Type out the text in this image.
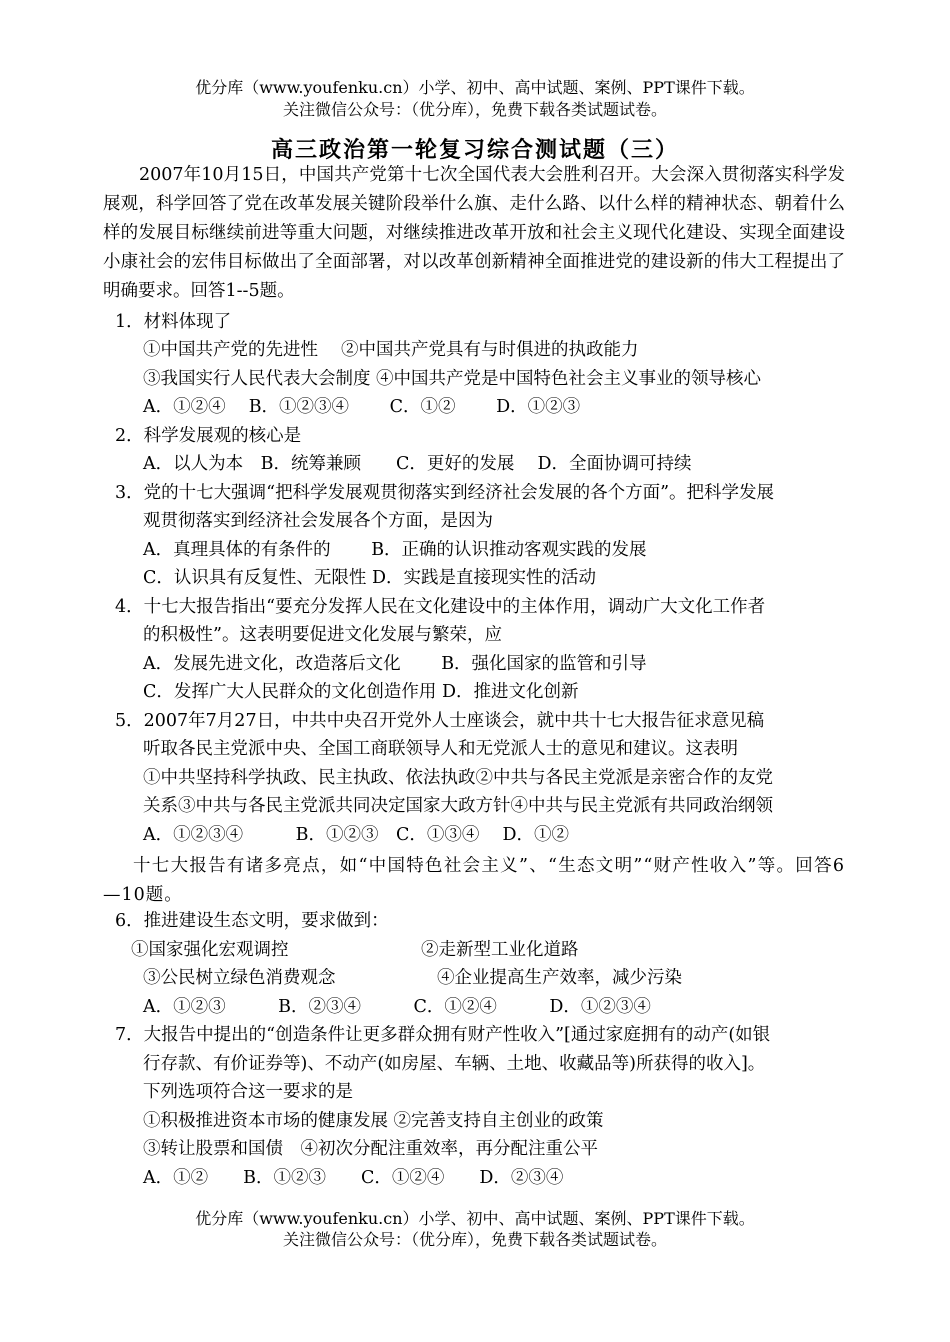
优分库（www.youfenku.cn）小学、初中、高中试题、案例、PPT课件下载。
关注微信公众号：（优分库），免费下载各类试题试卷。
高三政治第一轮复习综合测试题（三）
2007年10月15日，中国共产党第十七次全国代表大会胜利召开。大会深入贯彻落实科学发展观，科学回答了党在改革发展关键阶段举什么旗、走什么路、以什么样的精神状态、朝着什么样的发展目标继续前进等重大问题，对继续推进改革开放和社会主义现代化建设、实现全面建设小康社会的宏伟目标做出了全面部署，对以改革创新精神全面推进党的建设新的伟大工程提出了明确要求。回答1--5题。
1．材料体现了
①中国共产党的先进性　 ②中国共产党具有与时俱进的执政能力
③我国实行人民代表大会制度 ④中国共产党是中国特色社会主义事业的领导核心
A．①②④　 B．①②③④　　 C．①②　　 D．①②③
2．科学发展观的核心是
A．以人为本　B．统筹兼顾　　C．更好的发展　 D．全面协调可持续
3．党的十七大强调“把科学发展观贯彻落实到经济社会发展的各个方面”。把科学发展
观贯彻落实到经济社会发展各个方面，是因为
A．真理具体的有条件的　　 B．正确的认识推动客观实践的发展
C．认识具有反复性、无限性 D．实践是直接现实性的活动
4．十七大报告指出“要充分发挥人民在文化建设中的主体作用，调动广大文化工作者
的积极性”。这表明要促进文化发展与繁荣，应
A．发展先进文化，改造落后文化　　 B．强化国家的监管和引导
C．发挥广大人民群众的文化创造作用 D．推进文化创新
5．2007年7月27日，中共中央召开党外人士座谈会，就中共十七大报告征求意见稿
听取各民主党派中央、全国工商联领导人和无党派人士的意见和建议。这表明
①中共坚持科学执政、民主执政、依法执政②中共与各民主党派是亲密合作的友党
关系③中共与各民主党派共同决定国家大政方针④中共与民主党派有共同政治纲领
A．①②③④　　　B．①②③　C．①③④　 D．①②
十七大报告有诸多亮点，如“中国特色社会主义”、“生态文明”“财产性收入”等。回答6—10题。
6．推进建设生态文明，要求做到：
①国家强化宏观调控	②走新型工业化道路
③公民树立绿色消费观念	④企业提高生产效率，减少污染
A．①②③　　　B．②③④　　　C．①②④　　　D．①②③④
7．大报告中提出的“创造条件让更多群众拥有财产性收入”[通过家庭拥有的动产(如银
行存款、有价证券等)、不动产(如房屋、车辆、土地、收藏品等)所获得的收入]。
下列选项符合这一要求的是
①积极推进资本市场的健康发展 ②完善支持自主创业的政策
③转让股票和国债　④初次分配注重效率，再分配注重公平
A．①②　　B．①②③　　C．①②④　　D．②③④
优分库（www.youfenku.cn）小学、初中、高中试题、案例、PPT课件下载。
关注微信公众号：（优分库），免费下载各类试题试卷。
